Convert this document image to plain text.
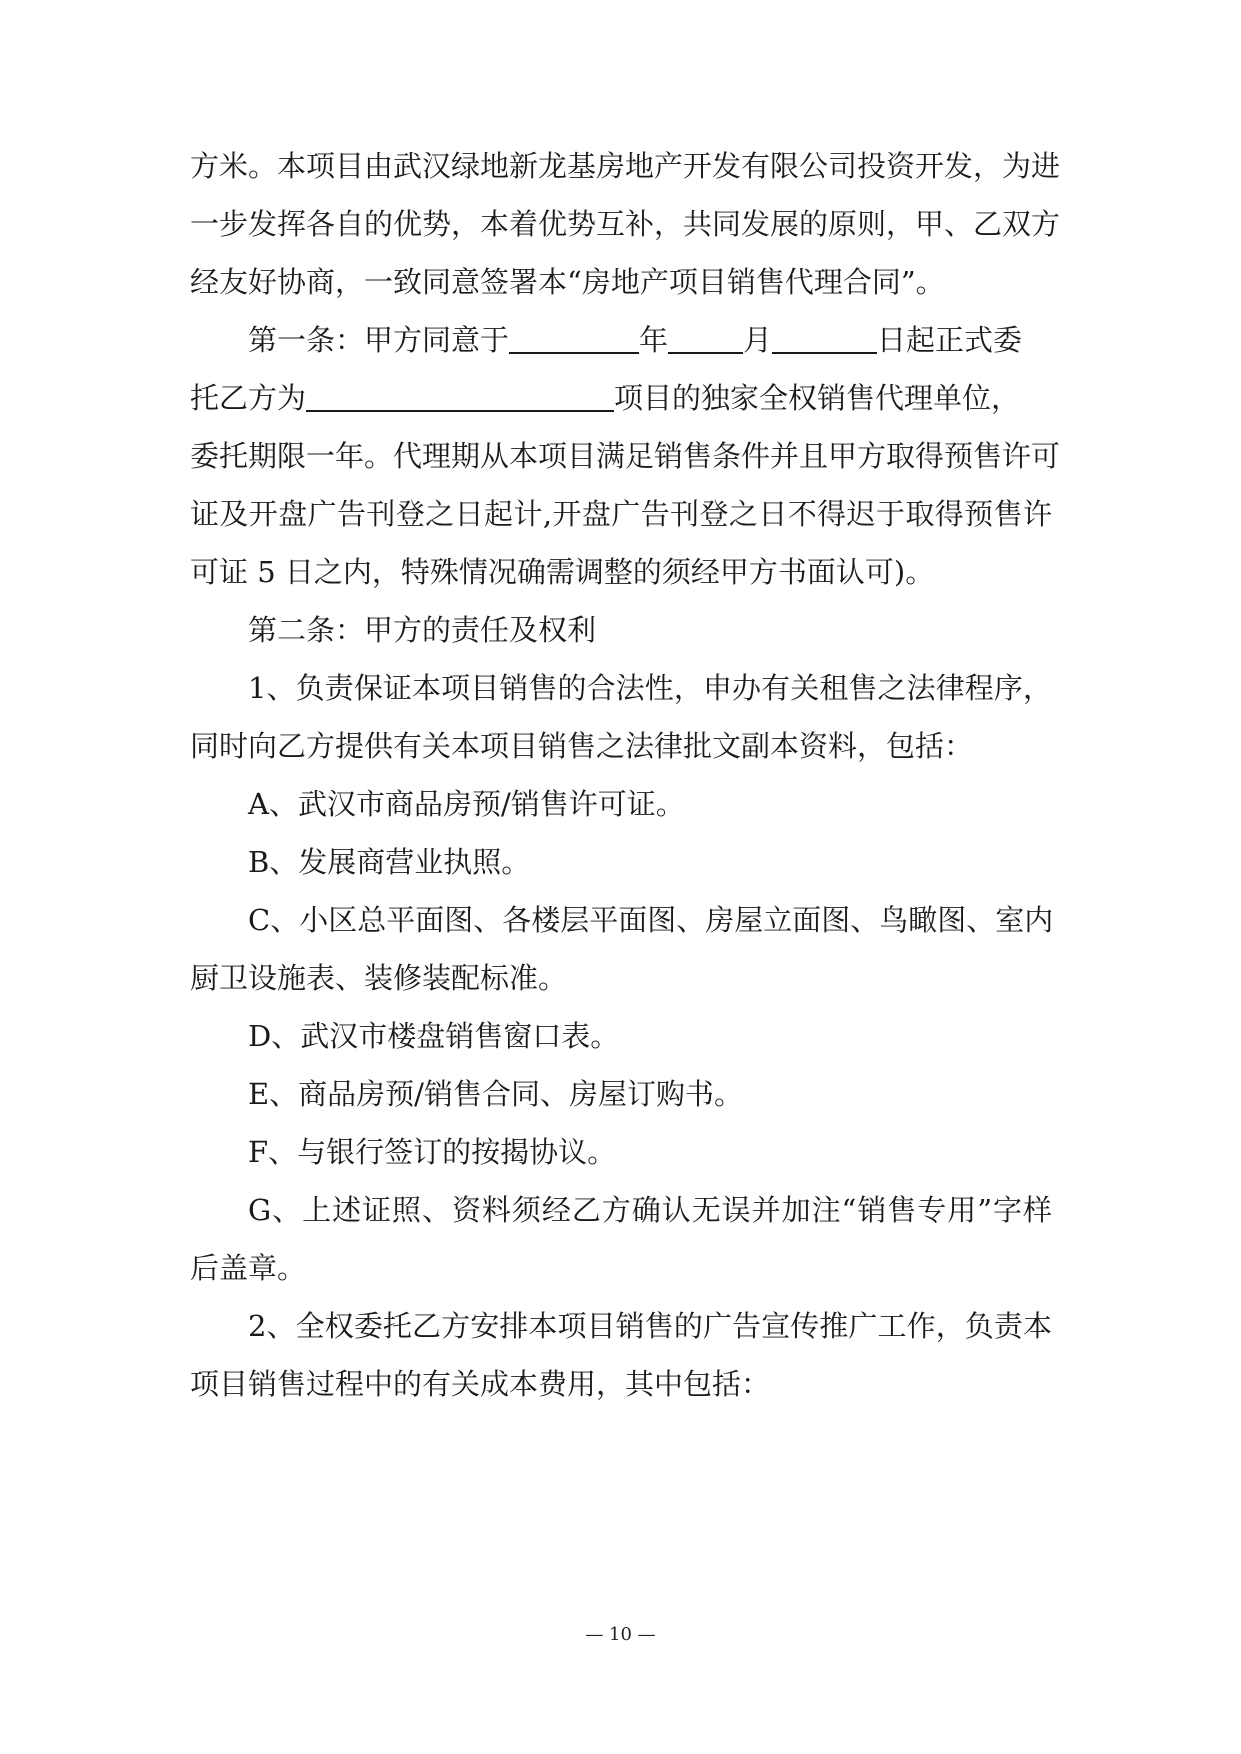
方米。本项目由武汉绿地新龙基房地产开发有限公司投资开发，为进
一步发挥各自的优势，本着优势互补，共同发展的原则，甲、乙双方
经友好协商，一致同意签署本“房地产项目销售代理合同”。
第一条：甲方同意于	年	月	日起正式委
托乙方为	项目的独家全权销售代理单位，
委托期限一年。代理期从本项目满足销售条件并且甲方取得预售许可
证及开盘广告刊登之日起计,开盘广告刊登之日不得迟于取得预售许
可证 5 日之内，特殊情况确需调整的须经甲方书面认可)。
第二条：甲方的责任及权利
1、负责保证本项目销售的合法性，申办有关租售之法律程序，
同时向乙方提供有关本项目销售之法律批文副本资料，包括：
A、武汉市商品房预/销售许可证。
B、发展商营业执照。
C、小区总平面图、各楼层平面图、房屋立面图、鸟瞰图、室内
厨卫设施表、装修装配标准。
D、武汉市楼盘销售窗口表。
E、商品房预/销售合同、房屋订购书。
F、与银行签订的按揭协议。
G、上述证照、资料须经乙方确认无误并加注“销售专用”字样
后盖章。
2、全权委托乙方安排本项目销售的广告宣传推广工作，负责本
项目销售过程中的有关成本费用，其中包括：
— 10 —
